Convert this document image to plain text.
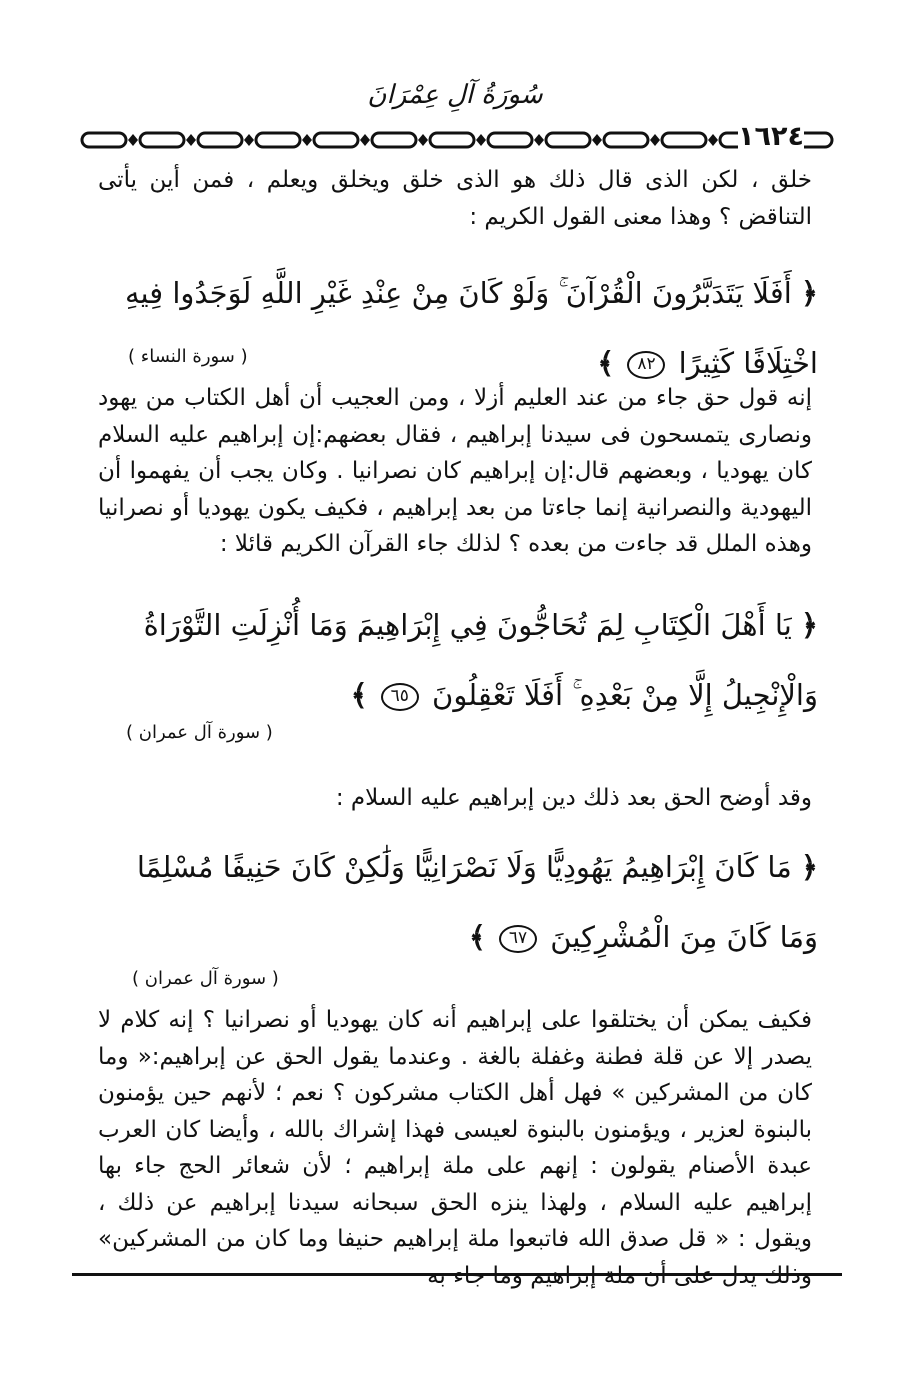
سُورَةُ آلِ عِمْرَانَ
١٦٢٤

خلق ، لكن الذى قال ذلك هو الذى خلق ويخلق ويعلم ، فمن أين يأتى التناقض ؟ وهذا معنى القول الكريم :

﴿ أَفَلَا يَتَدَبَّرُونَ الْقُرْآنَ ۚ وَلَوْ كَانَ مِنْ عِنْدِ غَيْرِ اللَّهِ لَوَجَدُوا فِيهِ اخْتِلَافًا كَثِيرًا ٨٢ ﴾
( سورة النساء )

إنه قول حق جاء من عند العليم أزلا ، ومن العجيب أن أهل الكتاب من يهود ونصارى يتمسحون فى سيدنا إبراهيم ، فقال بعضهم:إن إبراهيم عليه السلام كان يهوديا ، وبعضهم قال:إن إبراهيم كان نصرانيا . وكان يجب أن يفهموا أن اليهودية والنصرانية إنما جاءتا من بعد إبراهيم ، فكيف يكون يهوديا أو نصرانيا وهذه الملل قد جاءت من بعده ؟ لذلك جاء القرآن الكريم قائلا :

﴿ يَا أَهْلَ الْكِتَابِ لِمَ تُحَاجُّونَ فِي إِبْرَاهِيمَ وَمَا أُنْزِلَتِ التَّوْرَاةُ وَالْإِنْجِيلُ إِلَّا مِنْ بَعْدِهِ ۚ أَفَلَا تَعْقِلُونَ ٦٥ ﴾
( سورة آل عمران )

وقد أوضح الحق بعد ذلك دين إبراهيم عليه السلام :

﴿ مَا كَانَ إِبْرَاهِيمُ يَهُودِيًّا وَلَا نَصْرَانِيًّا وَلَٰكِنْ كَانَ حَنِيفًا مُسْلِمًا وَمَا كَانَ مِنَ الْمُشْرِكِينَ ٦٧ ﴾
( سورة آل عمران )

فكيف يمكن أن يختلقوا على إبراهيم أنه كان يهوديا أو نصرانيا ؟ إنه كلام لا يصدر إلا عن قلة فطنة وغفلة بالغة . وعندما يقول الحق عن إبراهيم:« وما كان من المشركين » فهل أهل الكتاب مشركون ؟ نعم ؛ لأنهم حين يؤمنون بالبنوة لعزير ، ويؤمنون بالبنوة لعيسى فهذا إشراك بالله ، وأيضا كان العرب عبدة الأصنام يقولون : إنهم على ملة إبراهيم ؛ لأن شعائر الحج جاء بها إبراهيم عليه السلام ، ولهذا ينزه الحق سبحانه سيدنا إبراهيم عن ذلك ، ويقول : « قل صدق الله فاتبعوا ملة إبراهيم حنيفا وما كان من المشركين»
